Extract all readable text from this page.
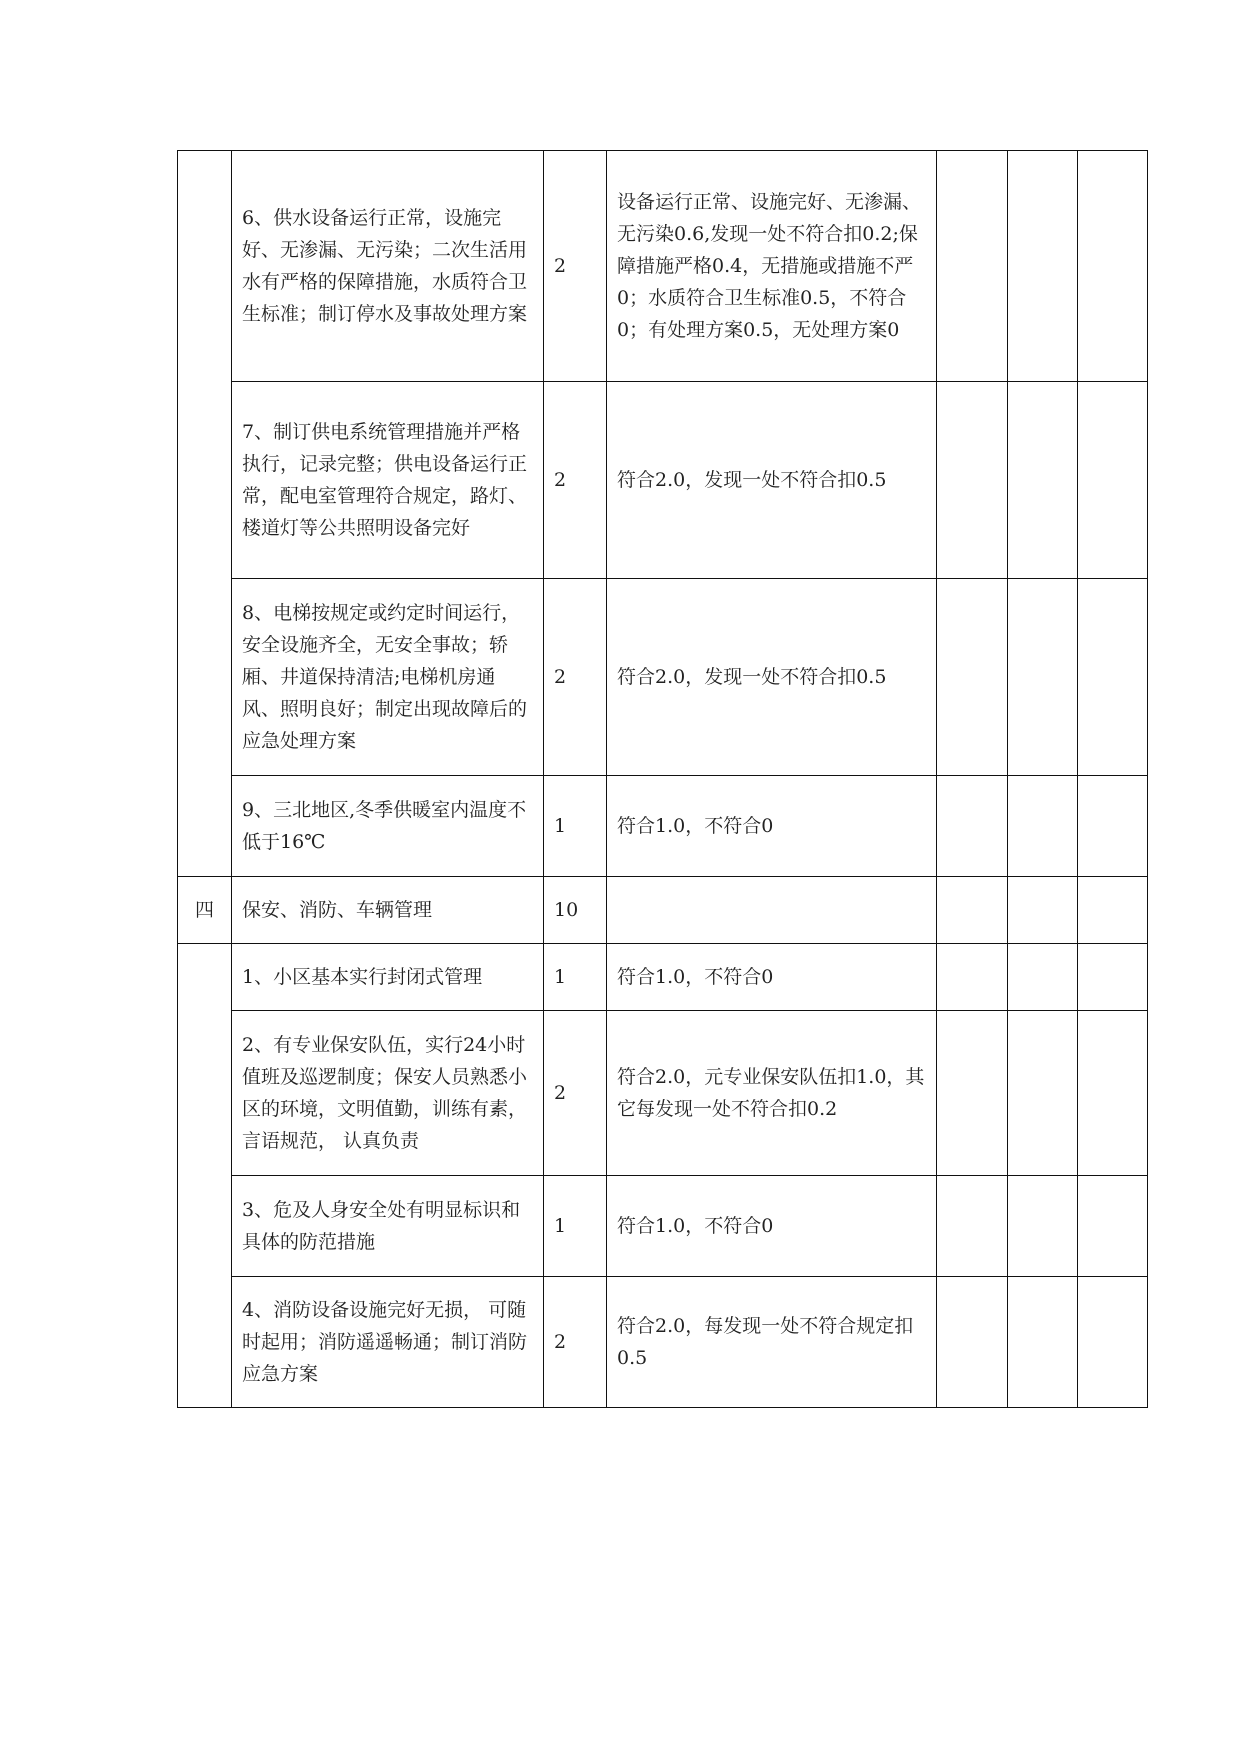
	6、供水设备运行正常，设施完好、无渗漏、无污染；二次生活用水有严格的保障措施，水质符合卫生标准；制订停水及事故处理方案	2	设备运行正常、设施完好、无渗漏、无污染0.6,发现一处不符合扣0.2;保障措施严格0.4，无措施或措施不严0；水质符合卫生标准0.5，不符合0；有处理方案0.5，无处理方案0			
	7、制订供电系统管理措施并严格执行，记录完整；供电设备运行正常，配电室管理符合规定，路灯、楼道灯等公共照明设备完好	2	符合2.0，发现一处不符合扣0.5			
	8、电梯按规定或约定时间运行，安全设施齐全，无安全事故；轿厢、井道保持清洁;电梯机房通风、照明良好；制定出现故障后的应急处理方案	2	符合2.0，发现一处不符合扣0.5			
	9、三北地区,冬季供暖室内温度不低于16℃	1	符合1.0，不符合0			
四	保安、消防、车辆管理	10				
	1、小区基本实行封闭式管理	1	符合1.0，不符合0			
	2、有专业保安队伍，实行24小时值班及巡逻制度；保安人员熟悉小区的环境，文明值勤，训练有素，言语规范， 认真负责	2	符合2.0，元专业保安队伍扣1.0，其它每发现一处不符合扣0.2			
	3、危及人身安全处有明显标识和具体的防范措施	1	符合1.0，不符合0			
	4、消防设备设施完好无损， 可随时起用；消防遥遥畅通；制订消防应急方案	2	符合2.0，每发现一处不符合规定扣0.5			
